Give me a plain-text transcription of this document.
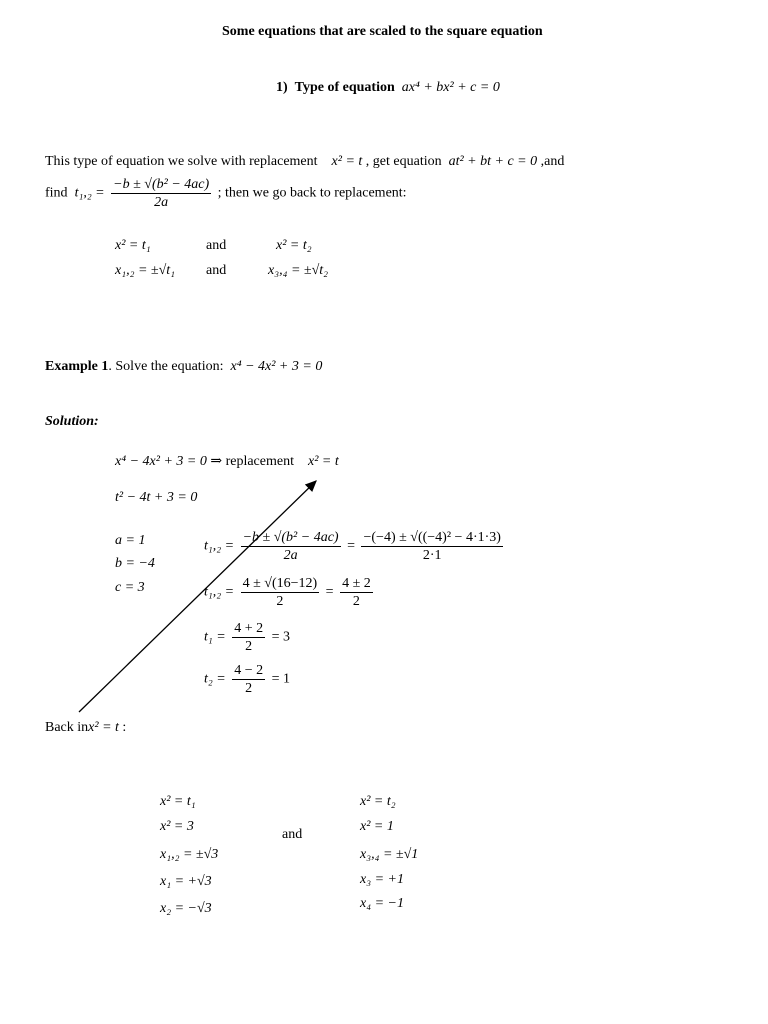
Some equations that are scaled to the square equation
1) Type of equation ax⁴ + bx² + c = 0
This type of equation we solve with replacement x² = t , get equation at² + bt + c = 0 ,and
find $t_1,_2 = \frac{\text{−b ± √(b² − 4ac)}}{2a}$ ; then we go back to replacement:
x² = t₁	and	x² = t₂
x₁,₂ = ±√t₁ and	x₃,₄ = ±√t₂
Example 1. Solve the equation: x⁴ − 4x² + 3 = 0
Solution:
x⁴ − 4x² + 3 = 0 ⇒ replacement x² = t
t² − 4t + 3 = 0
a = 1
b = −4
c = 3
$t_1,_2 = \frac{\text{−b ± √(b² − 4ac)}}{2a} = \frac{\text{−(−4) ± √((−4)² − 4·1·3)}}{2\cdot 1}$
$t_1,_2 = \frac{4 \pm √(16-12)}{2} = \frac{4 \pm 2}{2}$
$t_1 = \frac{4 + 2}{2} = 3$
$t_2 = \frac{4 - 2}{2} = 1$
Back inx² = t :
x² = t₁
x² = 3
x₁,₂ = ±√3
x₁ = +√3
x₂ = −√3
and
x² = t₂
x² = 1
x₃,₄ = ±√1
x₃ = +1
x₄ = −1
